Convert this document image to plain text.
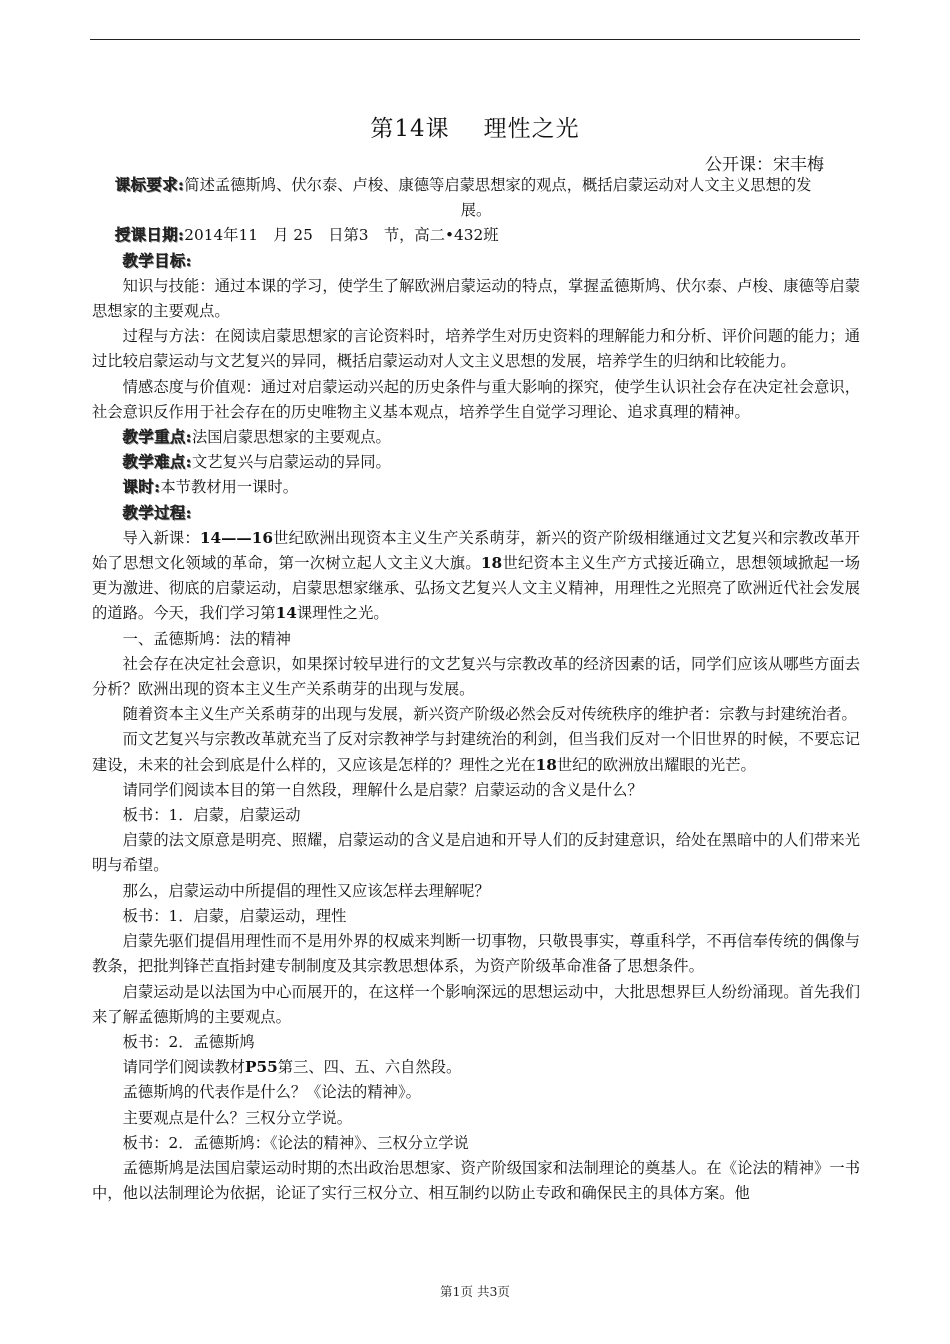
第14课 理性之光
公开课：宋丰梅

课标要求:简述孟德斯鸠、伏尔泰、卢梭、康德等启蒙思想家的观点，概括启蒙运动对人文主义思想的发

展。

授课日期:2014年11　月 25　日第3　节，高二•432班

教学目标:

知识与技能：通过本课的学习，使学生了解欧洲启蒙运动的特点，掌握孟德斯鸠、伏尔泰、卢梭、康德等启蒙思想家的主要观点。

过程与方法：在阅读启蒙思想家的言论资料时，培养学生对历史资料的理解能力和分析、评价问题的能力；通过比较启蒙运动与文艺复兴的异同，概括启蒙运动对人文主义思想的发展，培养学生的归纳和比较能力。

情感态度与价值观：通过对启蒙运动兴起的历史条件与重大影响的探究，使学生认识社会存在决定社会意识，社会意识反作用于社会存在的历史唯物主义基本观点，培养学生自觉学习理论、追求真理的精神。

教学重点:法国启蒙思想家的主要观点。

教学难点:文艺复兴与启蒙运动的异同。

课时:本节教材用一课时。

教学过程:

导入新课：14——16世纪欧洲出现资本主义生产关系萌芽，新兴的资产阶级相继通过文艺复兴和宗教改革开始了思想文化领域的革命，第一次树立起人文主义大旗。18世纪资本主义生产方式接近确立，思想领域掀起一场更为激进、彻底的启蒙运动，启蒙思想家继承、弘扬文艺复兴人文主义精神，用理性之光照亮了欧洲近代社会发展的道路。今天，我们学习第14课理性之光。

一、孟德斯鸠：法的精神

社会存在决定社会意识，如果探讨较早进行的文艺复兴与宗教改革的经济因素的话，同学们应该从哪些方面去分析？欧洲出现的资本主义生产关系萌芽的出现与发展。

随着资本主义生产关系萌芽的出现与发展，新兴资产阶级必然会反对传统秩序的维护者：宗教与封建统治者。

而文艺复兴与宗教改革就充当了反对宗教神学与封建统治的利剑，但当我们反对一个旧世界的时候，不要忘记建设，未来的社会到底是什么样的，又应该是怎样的？理性之光在18世纪的欧洲放出耀眼的光芒。

请同学们阅读本目的第一自然段，理解什么是启蒙？启蒙运动的含义是什么？

板书：1．启蒙，启蒙运动

启蒙的法文原意是明亮、照耀，启蒙运动的含义是启迪和开导人们的反封建意识，给处在黑暗中的人们带来光明与希望。

那么，启蒙运动中所提倡的理性又应该怎样去理解呢？

板书：1．启蒙，启蒙运动，理性

启蒙先驱们提倡用理性而不是用外界的权威来判断一切事物，只敬畏事实，尊重科学，不再信奉传统的偶像与教条，把批判锋芒直指封建专制制度及其宗教思想体系，为资产阶级革命准备了思想条件。

启蒙运动是以法国为中心而展开的，在这样一个影响深远的思想运动中，大批思想界巨人纷纷涌现。首先我们来了解孟德斯鸠的主要观点。

板书：2．孟德斯鸠

请同学们阅读教材P55第三、四、五、六自然段。

孟德斯鸠的代表作是什么？《论法的精神》。

主要观点是什么？三权分立学说。

板书：2．孟德斯鸠：《论法的精神》、三权分立学说

孟德斯鸠是法国启蒙运动时期的杰出政治思想家、资产阶级国家和法制理论的奠基人。在《论法的精神》一书中，他以法制理论为依据，论证了实行三权分立、相互制约以防止专政和确保民主的具体方案。他

第1页 共3页
